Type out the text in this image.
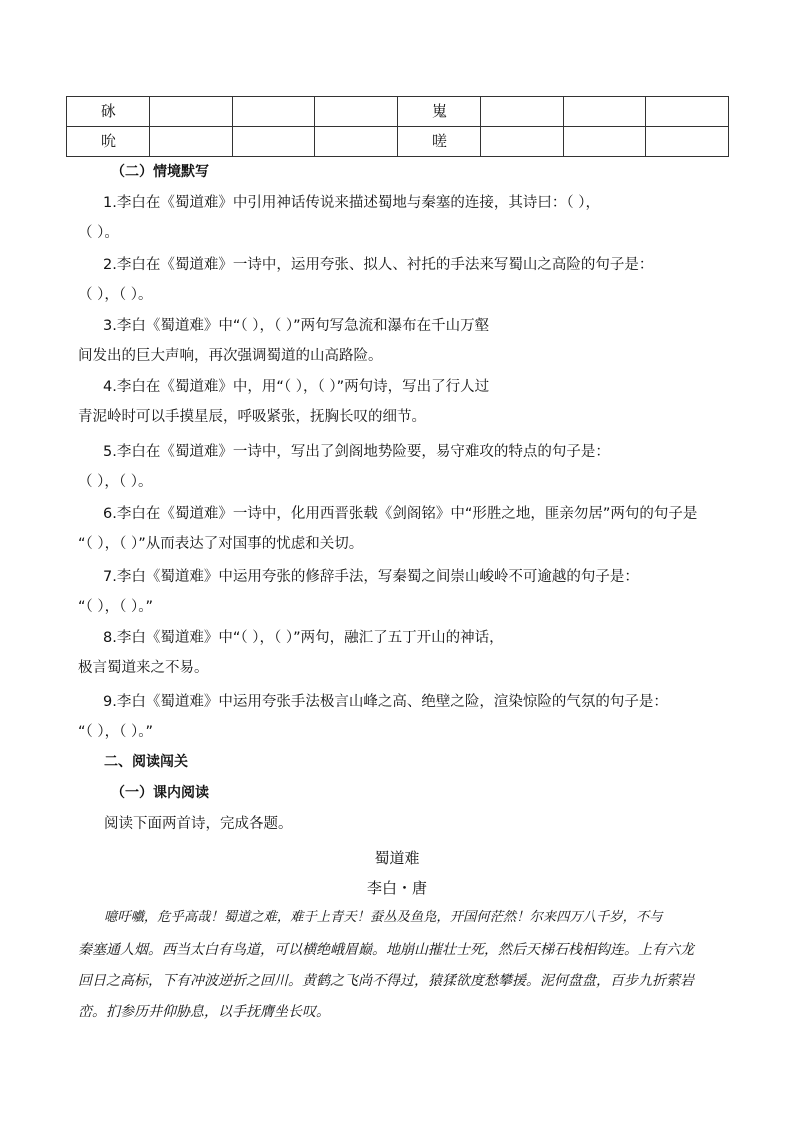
砯				嵬			
吮				嗟			
（二）情境默写
1.李白在《蜀道难》中引用神话传说来描述蜀地与秦塞的连接，其诗曰：（ ），
（ ）。
2.李白在《蜀道难》一诗中，运用夸张、拟人、衬托的手法来写蜀山之高险的句子是：
（ ），（ ）。
3.李白《蜀道难》中“（ ），（ ）”两句写急流和瀑布在千山万壑
间发出的巨大声响，再次强调蜀道的山高路险。
4.李白在《蜀道难》中，用“（ ），（ ）”两句诗，写出了行人过
青泥岭时可以手摸星辰，呼吸紧张，抚胸长叹的细节。
5.李白在《蜀道难》一诗中，写出了剑阁地势险要，易守难攻的特点的句子是：
（ ），（ ）。
6.李白在《蜀道难》一诗中，化用西晋张载《剑阁铭》中“形胜之地，匪亲勿居”两句的句子是
“（ ），（ ）”从而表达了对国事的忧虑和关切。
7.李白《蜀道难》中运用夸张的修辞手法，写秦蜀之间崇山峻岭不可逾越的句子是：
“（ ），（ ）。”
8.李白《蜀道难》中“（ ），（ ）”两句，融汇了五丁开山的神话，
极言蜀道来之不易。
9.李白《蜀道难》中运用夸张手法极言山峰之高、绝壁之险，渲染惊险的气氛的句子是：
“（ ），（ ）。”
二、阅读闯关
（一）课内阅读
阅读下面两首诗，完成各题。
蜀道难
李白・唐
噫吁嚱，危乎高哉！蜀道之难，难于上青天！蚕丛及鱼凫，开国何茫然！尔来四万八千岁，不与
秦塞通人烟。西当太白有鸟道，可以横绝峨眉巅。地崩山摧壮士死，然后天梯石栈相钩连。上有六龙
回日之高标，下有冲波逆折之回川。黄鹤之飞尚不得过，猿猱欲度愁攀援。泥何盘盘，百步九折萦岩
峦。扪参历井仰胁息，以手抚膺坐长叹。
